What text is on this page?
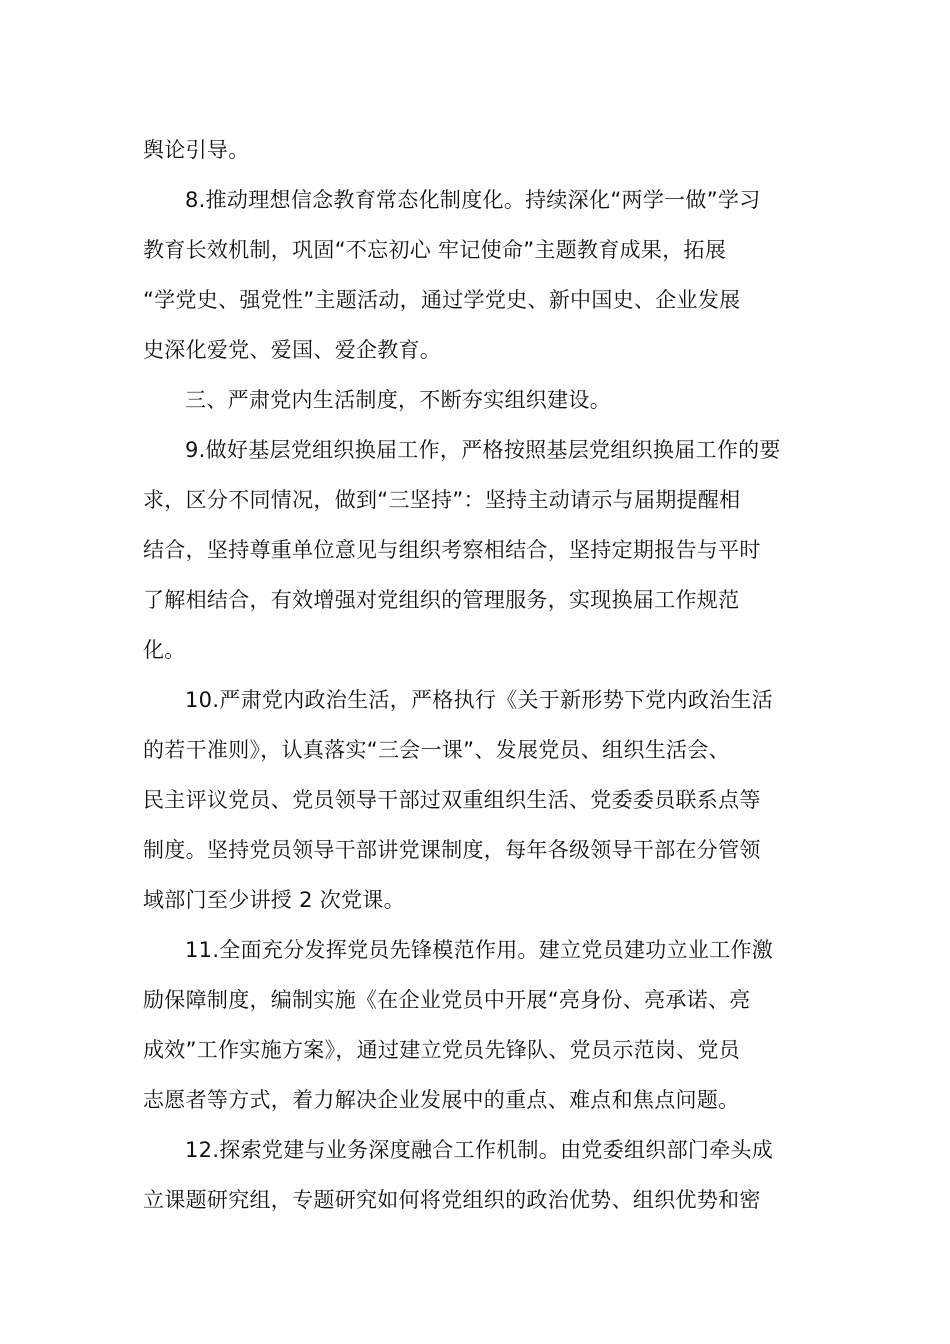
舆论引导。
8.推动理想信念教育常态化制度化。持续深化“两学一做”学习
教育长效机制，巩固“不忘初心 牢记使命”主题教育成果，拓展
“学党史、强党性”主题活动，通过学党史、新中国史、企业发展
史深化爱党、爱国、爱企教育。
三、严肃党内生活制度，不断夯实组织建设。
9.做好基层党组织换届工作，严格按照基层党组织换届工作的要
求，区分不同情况，做到“三坚持”：坚持主动请示与届期提醒相
结合，坚持尊重单位意见与组织考察相结合，坚持定期报告与平时
了解相结合，有效增强对党组织的管理服务，实现换届工作规范
化。
10.严肃党内政治生活，严格执行《关于新形势下党内政治生活
的若干准则》，认真落实“三会一课”、发展党员、组织生活会、
民主评议党员、党员领导干部过双重组织生活、党委委员联系点等
制度。坚持党员领导干部讲党课制度，每年各级领导干部在分管领
域部门至少讲授 2 次党课。
11.全面充分发挥党员先锋模范作用。建立党员建功立业工作激
励保障制度，编制实施《在企业党员中开展“亮身份、亮承诺、亮
成效”工作实施方案》，通过建立党员先锋队、党员示范岗、党员
志愿者等方式，着力解决企业发展中的重点、难点和焦点问题。
12.探索党建与业务深度融合工作机制。由党委组织部门牵头成
立课题研究组，专题研究如何将党组织的政治优势、组织优势和密
